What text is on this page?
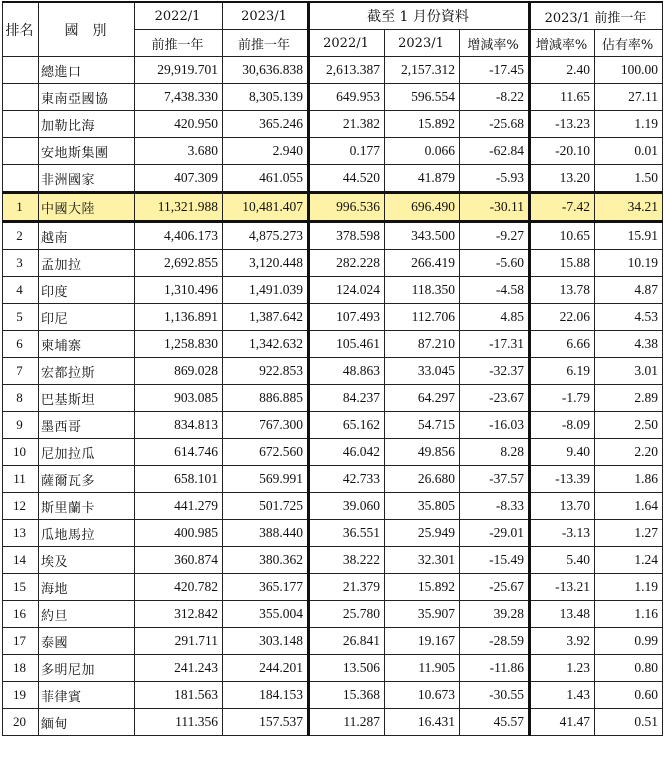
排名	國　別	2022/1	2023/1	截至 1 月份資料			2023/1 前推一年	
		前推一年	前推一年	2022/1	2023/1	增減率%	增減率%	佔有率%
	總進口	29,919.701	30,636.838	2,613.387	2,157.312	-17.45	2.40	100.00
	東南亞國協	7,438.330	8,305.139	649.953	596.554	-8.22	11.65	27.11
	加勒比海	420.950	365.246	21.382	15.892	-25.68	-13.23	1.19
	安地斯集團	3.680	2.940	0.177	0.066	-62.84	-20.10	0.01
	非洲國家	407.309	461.055	44.520	41.879	-5.93	13.20	1.50
1	中國大陸	11,321.988	10,481.407	996.536	696.490	-30.11	-7.42	34.21
2	越南	4,406.173	4,875.273	378.598	343.500	-9.27	10.65	15.91
3	孟加拉	2,692.855	3,120.448	282.228	266.419	-5.60	15.88	10.19
4	印度	1,310.496	1,491.039	124.024	118.350	-4.58	13.78	4.87
5	印尼	1,136.891	1,387.642	107.493	112.706	4.85	22.06	4.53
6	柬埔寨	1,258.830	1,342.632	105.461	87.210	-17.31	6.66	4.38
7	宏都拉斯	869.028	922.853	48.863	33.045	-32.37	6.19	3.01
8	巴基斯坦	903.085	886.885	84.237	64.297	-23.67	-1.79	2.89
9	墨西哥	834.813	767.300	65.162	54.715	-16.03	-8.09	2.50
10	尼加拉瓜	614.746	672.560	46.042	49.856	8.28	9.40	2.20
11	薩爾瓦多	658.101	569.991	42.733	26.680	-37.57	-13.39	1.86
12	斯里蘭卡	441.279	501.725	39.060	35.805	-8.33	13.70	1.64
13	瓜地馬拉	400.985	388.440	36.551	25.949	-29.01	-3.13	1.27
14	埃及	360.874	380.362	38.222	32.301	-15.49	5.40	1.24
15	海地	420.782	365.177	21.379	15.892	-25.67	-13.21	1.19
16	約旦	312.842	355.004	25.780	35.907	39.28	13.48	1.16
17	泰國	291.711	303.148	26.841	19.167	-28.59	3.92	0.99
18	多明尼加	241.243	244.201	13.506	11.905	-11.86	1.23	0.80
19	菲律賓	181.563	184.153	15.368	10.673	-30.55	1.43	0.60
20	緬甸	111.356	157.537	11.287	16.431	45.57	41.47	0.51
